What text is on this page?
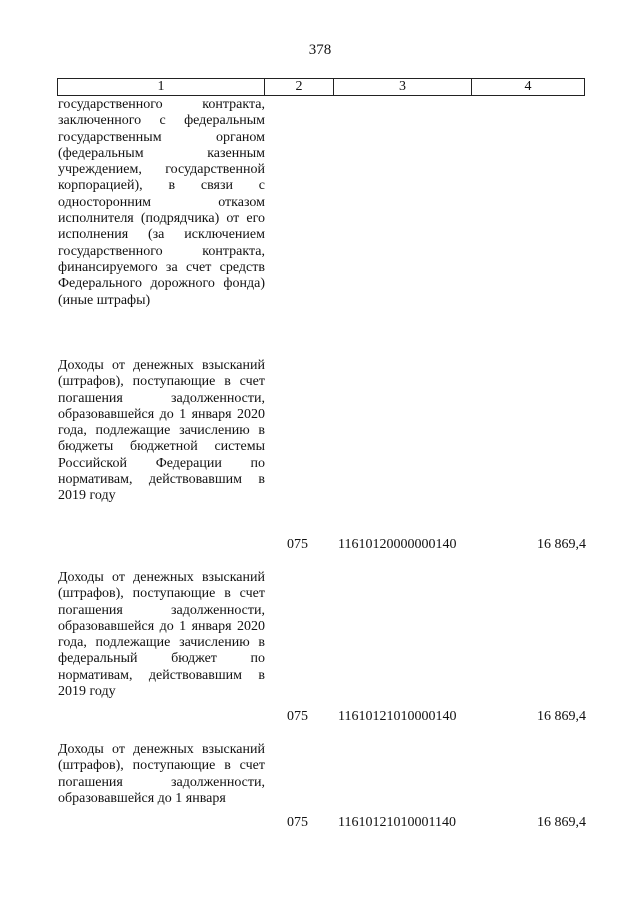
378
1	2	3	4
государственного контракта, заключенного с федеральным государственным органом (федеральным казенным учреждением, государственной корпорацией), в связи с односторонним отказом исполнителя (подрядчика) от его исполнения (за исключением государственного контракта, финансируемого за счет средств Федерального дорожного фонда) (иные штрафы)
Доходы от денежных взысканий (штрафов), поступающие в счет погашения задолженности, образовавшейся до 1 января 2020 года, подлежащие зачислению в бюджеты бюджетной системы Российской Федерации по нормативам, действовавшим в 2019 году
075	11610120000000140	16 869,4
Доходы от денежных взысканий (штрафов), поступающие в счет погашения задолженности, образовавшейся до 1 января 2020 года, подлежащие зачислению в федеральный бюджет по нормативам, действовавшим в 2019 году
075	11610121010000140	16 869,4
Доходы от денежных взысканий (штрафов), поступающие в счет погашения задолженности, образовавшейся до 1 января
075	11610121010001140	16 869,4
